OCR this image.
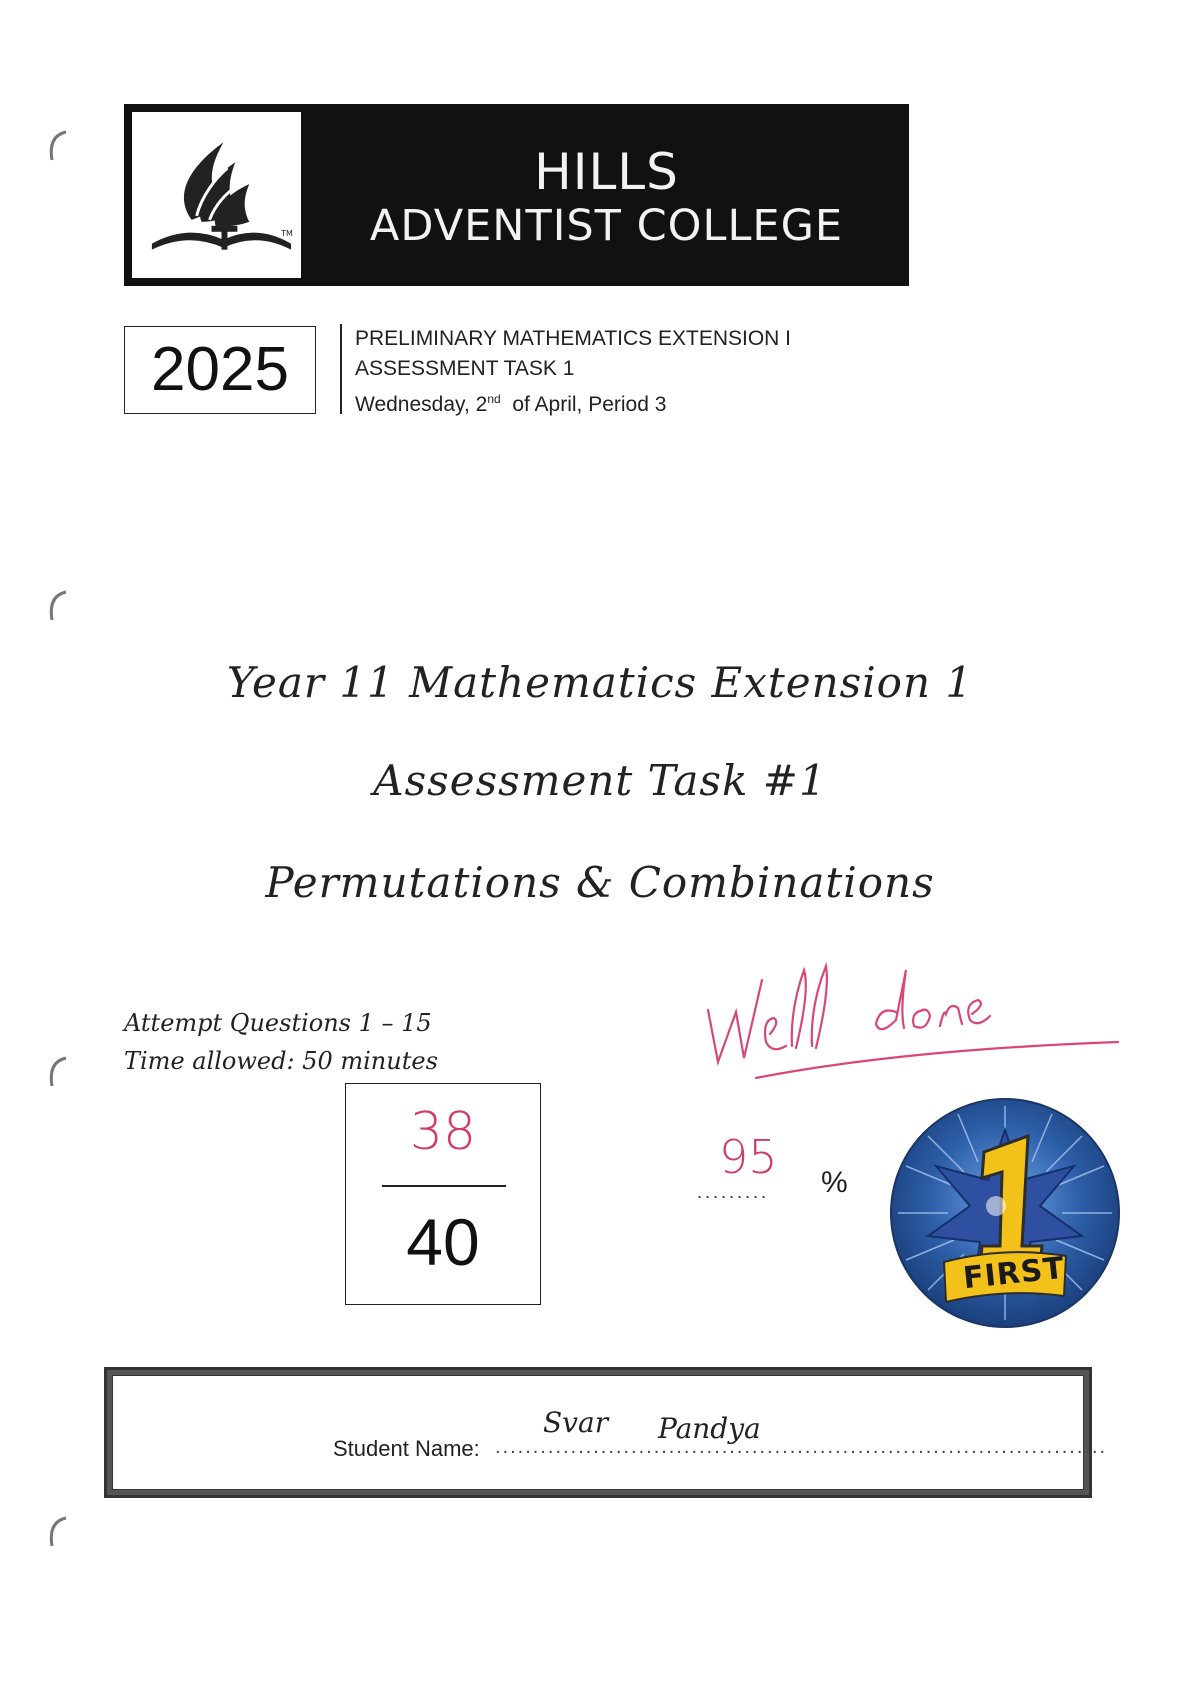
TM
HILLS
ADVENTIST COLLEGE
2025	PRELIMINARY MATHEMATICS EXTENSION I
ASSESSMENT TASK 1
Wednesday, 2nd  of April, Period 3
Year 11 Mathematics Extension 1
Assessment Task #1
Permutations & Combinations
Attempt Questions 1 – 15
Time allowed: 50 minutes
38
40
95
......... %
FIRST
Student Name: .................................................................................
Svar Pandya
